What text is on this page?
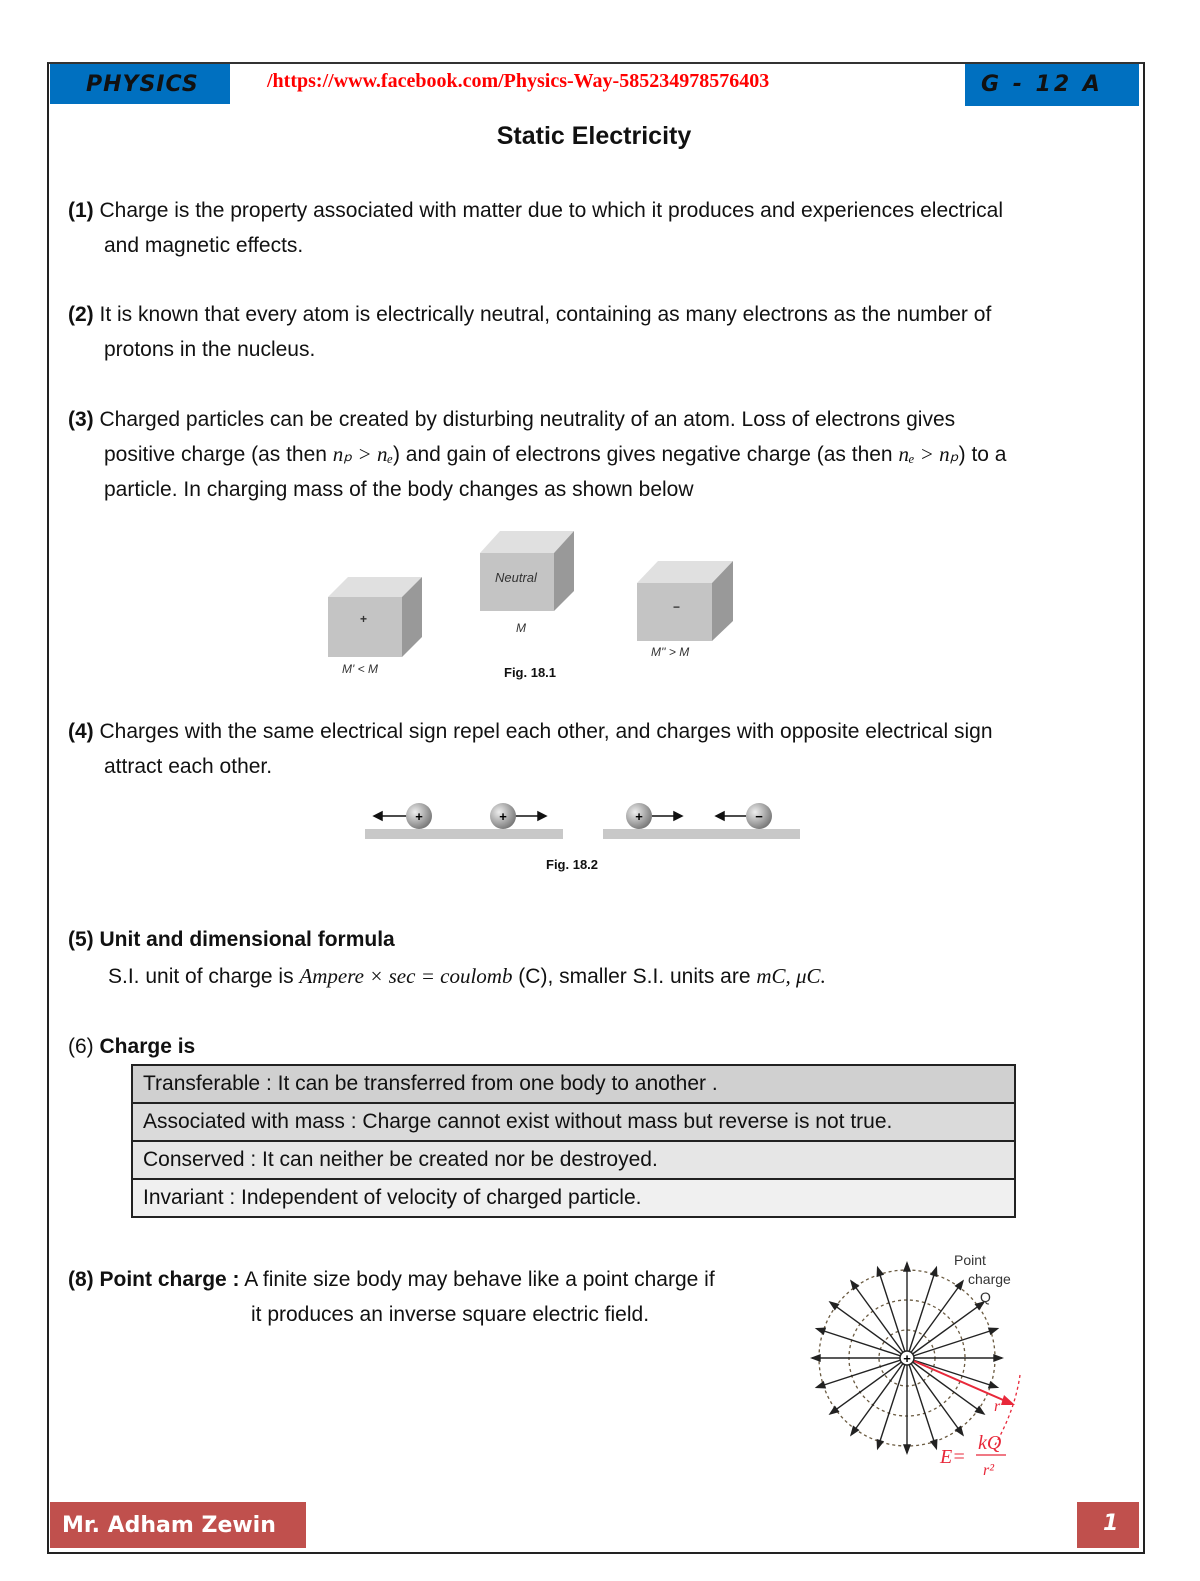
PHYSICS	/https://www.facebook.com/Physics-Way-585234978576403	G - 12 A
Static Electricity
(1) Charge is the property associated with matter due to which it produces and experiences electrical
and magnetic effects.
(2) It is known that every atom is electrically neutral, containing as many electrons as the number of
protons in the nucleus.
(3) Charged particles can be created by disturbing neutrality of an atom. Loss of electrons gives
positive charge (as then nₚ > nₑ) and gain of electrons gives negative charge (as then nₑ > nₚ) to a
particle. In charging mass of the body changes as shown below
+
M' < M
Neutral
M
−
M'' > M
Fig. 18.1
(4) Charges with the same electrical sign repel each other, and charges with opposite electrical sign
attract each other.
+	+	+	−
Fig. 18.2
(5) Unit and dimensional formula
S.I. unit of charge is Ampere × sec = coulomb (C), smaller S.I. units are mC, μC.
(6) Charge is
Transferable : It can be transferred from one body to another .
Associated with mass : Charge cannot exist without mass but reverse is not true.
Conserved : It can neither be created nor be destroyed.
Invariant : Independent of velocity of charged particle.
(8) Point charge : A finite size body may behave like a point charge if
it produces an inverse square electric field.
+
Point
charge
Q
r
E=
kQ
r²
Mr. Adham Zewin	1
